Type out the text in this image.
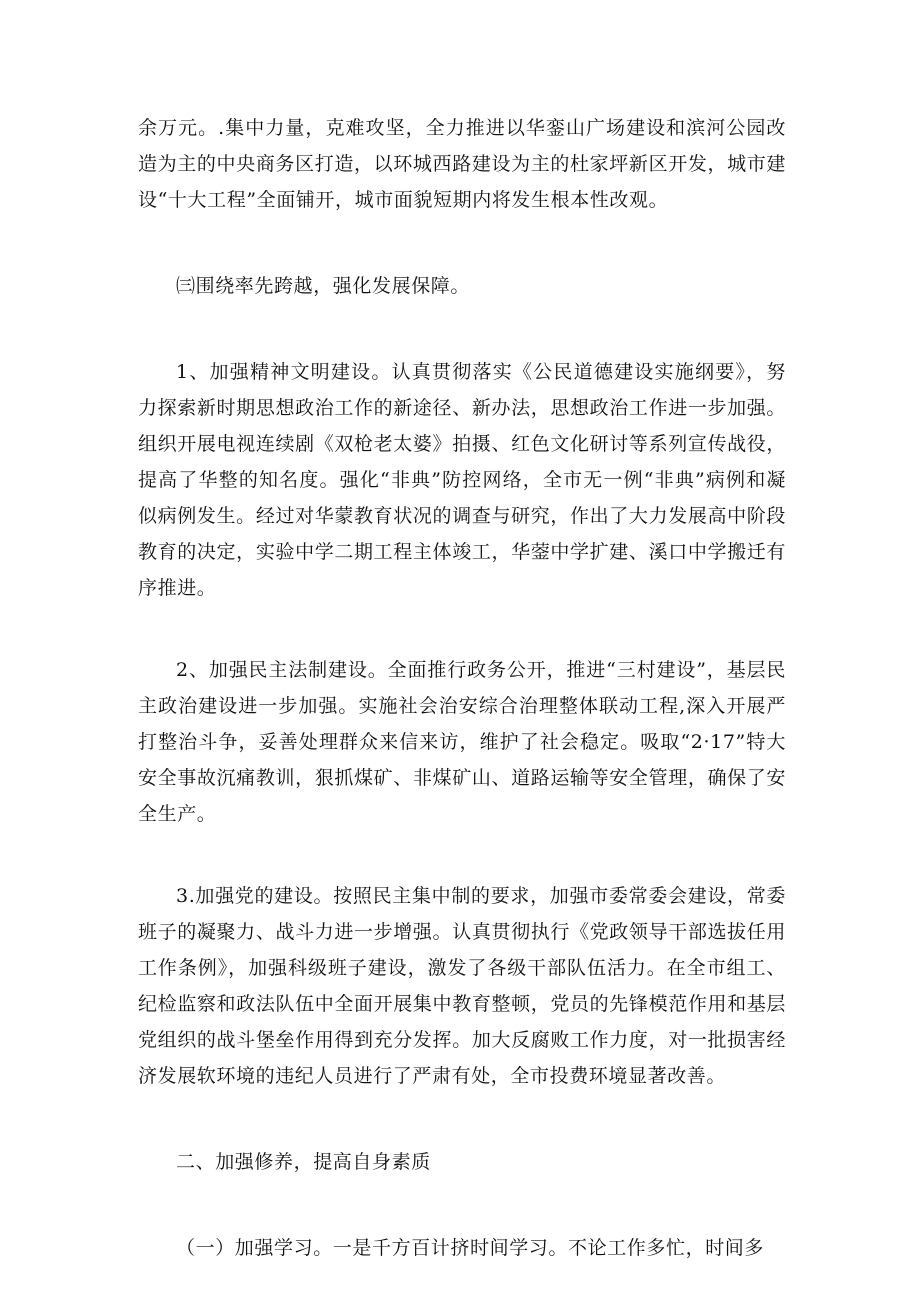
余万元。.集中力量，克难攻坚，全力推进以华銮山广场建设和滨河公园改造为主的中央商务区打造，以环城西路建设为主的杜家坪新区开发，城市建设“十大工程”全面铺开，城市面貌短期内将发生根本性改观。

㈢围绕率先跨越，强化发展保障。

1、加强精神文明建设。认真贯彻落实《公民道德建设实施纲要》，努力探索新时期思想政治工作的新途径、新办法，思想政治工作进一步加强。组织开展电视连续剧《双枪老太婆》拍摄、红色文化研讨等系列宣传战役，提高了华整的知名度。强化“非典”防控网络，全市无一例“非典”病例和凝似病例发生。经过对华蒙教育状况的调查与研究，作出了大力发展高中阶段教育的决定，实验中学二期工程主体竣工，华蓥中学扩建、溪口中学搬迁有序推进。

2、加强民主法制建设。全面推行政务公开，推进“三村建设”，基层民主政治建设进一步加强。实施社会治安综合治理整体联动工程,深入开展严打整治斗争，妥善处理群众来信来访，维护了社会稳定。吸取“2·17”特大安全事故沉痛教训，狠抓煤矿、非煤矿山、道路运输等安全管理，确保了安全生产。

3.加强党的建设。按照民主集中制的要求，加强市委常委会建设，常委班子的凝聚力、战斗力进一步增强。认真贯彻执行《党政领导干部选拔任用工作条例》，加强科级班子建设，激发了各级干部队伍活力。在全市组工、纪检监察和政法队伍中全面开展集中教育整顿，党员的先锋模范作用和基层党组织的战斗堡垒作用得到充分发挥。加大反腐败工作力度，对一批损害经济发展软环境的违纪人员进行了严肃有处，全市投费环境显著改善。

二、加强修养，提高自身素质

（一）加强学习。一是千方百计挤时间学习。不论工作多忙，时间多
